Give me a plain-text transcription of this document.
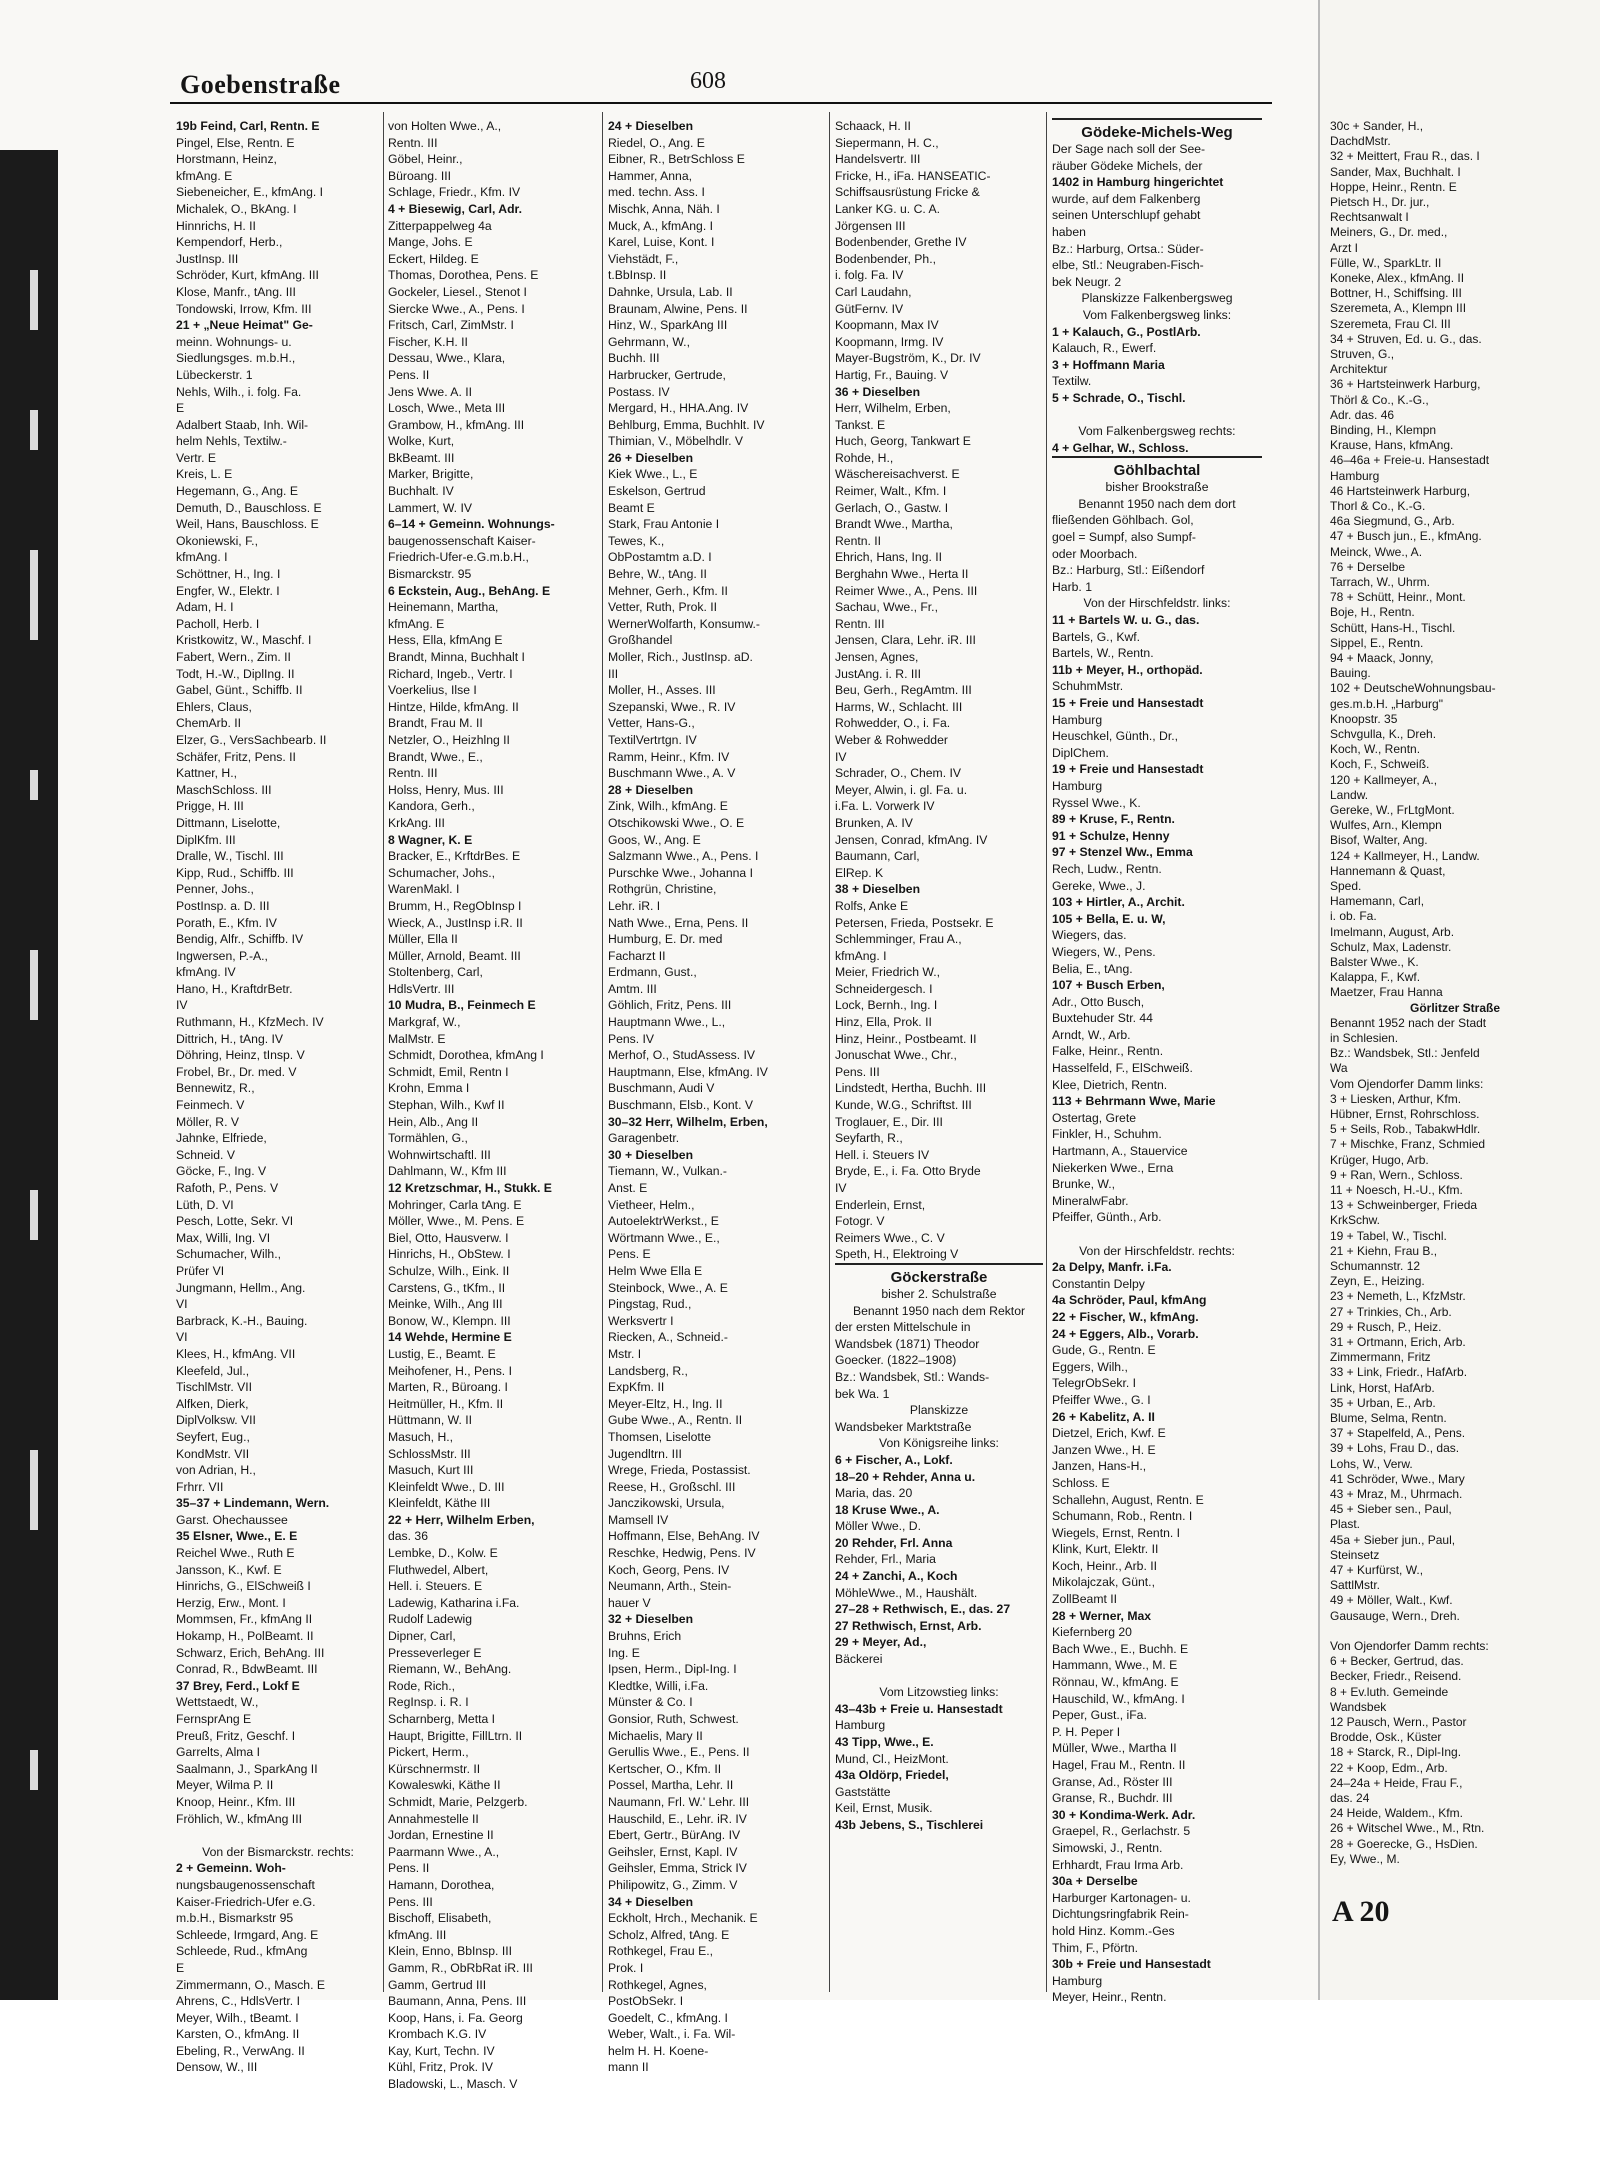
Goebenstraße	608
19b Feind, Carl, Rentn. E
Pingel, Else, Rentn. E
Horstmann, Heinz,
kfmAng. E
Siebeneicher, E., kfmAng. I
Michalek, O., BkAng. I
Hinnrichs, H. II
Kempendorf, Herb.,
JustInsp. III
Schröder, Kurt, kfmAng. III
Klose, Manfr., tAng. III
Tondowski, Irrow, Kfm. III
21 + „Neue Heimat" Ge-
meinn. Wohnungs- u.
Siedlungsges. m.b.H.,
Lübeckerstr. 1
Nehls, Wilh., i. folg. Fa.
E
Adalbert Staab, Inh. Wil-
helm Nehls, Textilw.-
Vertr. E
Kreis, L. E
Hegemann, G., Ang. E
Demuth, D., Bauschloss. E
Weil, Hans, Bauschloss. E
Okoniewski, F.,
kfmAng. I
Schöttner, H., Ing. I
Engfer, W., Elektr. I
Adam, H. I
Pacholl, Herb. I
Kristkowitz, W., Maschf. I
Fabert, Wern., Zim. II
Todt, H.-W., DiplIng. II
Gabel, Günt., Schiffb. II
Ehlers, Claus,
ChemArb. II
Elzer, G., VersSachbearb. II
Schäfer, Fritz, Pens. II
Kattner, H.,
MaschSchloss. III
Prigge, H. III
Dittmann, Liselotte,
DiplKfm. III
Dralle, W., Tischl. III
Kipp, Rud., Schiffb. III
Penner, Johs.,
PostInsp. a. D. III
Porath, E., Kfm. IV
Bendig, Alfr., Schiffb. IV
Ingwersen, P.-A.,
kfmAng. IV
Hano, H., KraftdrBetr.
IV
Ruthmann, H., KfzMech. IV
Dittrich, H., tAng. IV
Döhring, Heinz, tInsp. V
Frobel, Br., Dr. med. V
Bennewitz, R.,
Feinmech. V
Möller, R. V
Jahnke, Elfriede,
Schneid. V
Göcke, F., Ing. V
Rafoth, P., Pens. V
Lüth, D. VI
Pesch, Lotte, Sekr. VI
Max, Willi, Ing. VI
Schumacher, Wilh.,
Prüfer VI
Jungmann, Hellm., Ang.
VI
Barbrack, K.-H., Bauing.
VI
Klees, H., kfmAng. VII
Kleefeld, Jul.,
TischlMstr. VII
Alfken, Dierk,
DiplVolksw. VII
Seyfert, Eug.,
KondMstr. VII
von Adrian, H.,
Frhrr. VII
35–37 + Lindemann, Wern.
Garst. Ohechaussee
35 Elsner, Wwe., E. E
Reichel Wwe., Ruth E
Jansson, K., Kwf. E
Hinrichs, G., ElSchweiß I
Herzig, Erw., Mont. I
Mommsen, Fr., kfmAng II
Hokamp, H., PolBeamt. II
Schwarz, Erich, BehAng. III
Conrad, R., BdwBeamt. III
37 Brey, Ferd., Lokf E
Wettstaedt, W.,
FernsprAng E
Preuß, Fritz, Geschf. I
Garrelts, Alma I
Saalmann, J., SparkAng II
Meyer, Wilma P. II
Knoop, Heinr., Kfm. III
Fröhlich, W., kfmAng III
Von der Bismarckstr. rechts:
2 + Gemeinn. Woh-
nungsbaugenossenschaft
Kaiser-Friedrich-Ufer e.G.
m.b.H., Bismarkstr 95
Schleede, Irmgard, Ang. E
Schleede, Rud., kfmAng
E
Zimmermann, O., Masch. E
Ahrens, C., HdlsVertr. I
Meyer, Wilh., tBeamt. I
Karsten, O., kfmAng. II
Ebeling, R., VerwAng. II
Densow, W., III
von Holten Wwe., A.,
Rentn. III
Göbel, Heinr.,
Büroang. III
Schlage, Friedr., Kfm. IV
4 + Biesewig, Carl, Adr.
Zitterpappelweg 4a
Mange, Johs. E
Eckert, Hildeg. E
Thomas, Dorothea, Pens. E
Gockeler, Liesel., Stenot I
Siercke Wwe., A., Pens. I
Fritsch, Carl, ZimMstr. I
Fischer, K.H. II
Dessau, Wwe., Klara,
Pens. II
Jens Wwe. A. II
Losch, Wwe., Meta III
Grambow, H., kfmAng. III
Wolke, Kurt,
BkBeamt. III
Marker, Brigitte,
Buchhalt. IV
Lammert, W. IV
6–14 + Gemeinn. Wohnungs-
baugenossenschaft Kaiser-
Friedrich-Ufer-e.G.m.b.H.,
Bismarckstr. 95
6 Eckstein, Aug., BehAng. E
Heinemann, Martha,
kfmAng. E
Hess, Ella, kfmAng E
Brandt, Minna, Buchhalt I
Richard, Ingeb., Vertr. I
Voerkelius, Ilse I
Hintze, Hilde, kfmAng. II
Brandt, Frau M. II
Netzler, O., Heizhlng II
Brandt, Wwe., E.,
Rentn. III
Holss, Henry, Mus. III
Kandora, Gerh.,
KrkAng. III
8 Wagner, K. E
Bracker, E., KrftdrBes. E
Schumacher, Johs.,
WarenMakl. I
Brumm, H., RegObInsp I
Wieck, A., JustInsp i.R. II
Müller, Ella II
Müller, Arnold, Beamt. III
Stoltenberg, Carl,
HdlsVertr. III
10 Mudra, B., Feinmech E
Markgraf, W.,
MalMstr. E
Schmidt, Dorothea, kfmAng I
Schmidt, Emil, Rentn I
Krohn, Emma I
Stephan, Wilh., Kwf II
Hein, Alb., Ang II
Tormählen, G.,
Wohnwirtschaftl. III
Dahlmann, W., Kfm III
12 Kretzschmar, H., Stukk. E
Mohringer, Carla tAng. E
Möller, Wwe., M. Pens. E
Biel, Otto, Hausverw. I
Hinrichs, H., ObStew. I
Schulze, Wilh., Eink. II
Carstens, G., tKfm., II
Meinke, Wilh., Ang III
Bonow, W., Klempn. III
14 Wehde, Hermine E
Lustig, E., Beamt. E
Meihofener, H., Pens. I
Marten, R., Büroang. I
Heitmüller, H., Kfm. II
Hüttmann, W. II
Masuch, H.,
SchlossMstr. III
Masuch, Kurt III
Kleinfeldt Wwe., D. III
Kleinfeldt, Käthe III
22 + Herr, Wilhelm Erben,
das. 36
Lembke, D., Kolw. E
Fluthwedel, Albert,
Hell. i. Steuers. E
Ladewig, Katharina i.Fa.
Rudolf Ladewig
Dipner, Carl,
Presseverleger E
Riemann, W., BehAng.
Rode, Rich.,
RegInsp. i. R. I
Scharnberg, Metta I
Haupt, Brigitte, FillLtrn. II
Pickert, Herm.,
Kürschnermstr. II
Kowaleswki, Käthe II
Schmidt, Marie, Pelzgerb.
Annahmestelle II
Jordan, Ernestine II
Paarmann Wwe., A.,
Pens. II
Hamann, Dorothea,
Pens. III
Bischoff, Elisabeth,
kfmAng. III
Klein, Enno, BbInsp. III
Gamm, R., ObRbRat iR. III
Gamm, Gertrud III
Baumann, Anna, Pens. III
Koop, Hans, i. Fa. Georg
Krombach K.G. IV
Kay, Kurt, Techn. IV
Kühl, Fritz, Prok. IV
Bladowski, L., Masch. V
24 + Dieselben
Riedel, O., Ang. E
Eibner, R., BetrSchloss E
Hammer, Anna,
med. techn. Ass. I
Mischk, Anna, Näh. I
Muck, A., kfmAng. I
Karel, Luise, Kont. I
Viehstädt, F.,
t.BbInsp. II
Dahnke, Ursula, Lab. II
Braunam, Alwine, Pens. II
Hinz, W., SparkAng III
Gehrmann, W.,
Buchh. III
Harbrucker, Gertrude,
Postass. IV
Mergard, H., HHA.Ang. IV
Behlburg, Emma, Buchhlt. IV
Thimian, V., Möbelhdlr. V
26 + Dieselben
Kiek Wwe., L., E
Eskelson, Gertrud
Beamt E
Stark, Frau Antonie I
Tewes, K.,
ObPostamtm a.D. I
Behre, W., tAng. II
Mehner, Gerh., Kfm. II
Vetter, Ruth, Prok. II
WernerWolfarth, Konsumw.-
Großhandel
Moller, Rich., JustInsp. aD.
III
Moller, H., Asses. III
Szepanski, Wwe., R. IV
Vetter, Hans-G.,
TextilVertrtgn. IV
Ramm, Heinr., Kfm. IV
Buschmann Wwe., A. V
28 + Dieselben
Zink, Wilh., kfmAng. E
Otschikowski Wwe., O. E
Goos, W., Ang. E
Salzmann Wwe., A., Pens. I
Purschke Wwe., Johanna I
Rothgrün, Christine,
Lehr. iR. I
Nath Wwe., Erna, Pens. II
Humburg, E. Dr. med
Facharzt II
Erdmann, Gust.,
Amtm. III
Göhlich, Fritz, Pens. III
Hauptmann Wwe., L.,
Pens. IV
Merhof, O., StudAssess. IV
Hauptmann, Else, kfmAng. IV
Buschmann, Audi V
Buschmann, Elsb., Kont. V
30–32 Herr, Wilhelm, Erben,
Garagenbetr.
30 + Dieselben
Tiemann, W., Vulkan.-
Anst. E
Vietheer, Helm.,
AutoelektrWerkst., E
Wörtmann Wwe., E.,
Pens. E
Helm Wwe Ella E
Steinbock, Wwe., A. E
Pingstag, Rud.,
Werksvertr I
Riecken, A., Schneid.-
Mstr. I
Landsberg, R.,
ExpKfm. II
Meyer-Eltz, H., Ing. II
Gube Wwe., A., Rentn. II
Thomsen, Liselotte
Jugendltrn. III
Wrege, Frieda, Postassist.
Reese, H., Großschl. III
Janczikowski, Ursula,
Mamsell IV
Hoffmann, Else, BehAng. IV
Reschke, Hedwig, Pens. IV
Koch, Georg, Pens. IV
Neumann, Arth., Stein-
hauer V
32 + Dieselben
Bruhns, Erich
Ing. E
Ipsen, Herm., Dipl-Ing. I
Kledtke, Willi, i.Fa.
Münster & Co. I
Gonsior, Ruth, Schwest.
Michaelis, Mary II
Gerullis Wwe., E., Pens. II
Kertscher, O., Kfm. II
Possel, Martha, Lehr. II
Naumann, Frl. W.' Lehr. III
Hauschild, E., Lehr. iR. IV
Ebert, Gertr., BürAng. IV
Geihsler, Ernst, Kapl. IV
Geihsler, Emma, Strick IV
Philipowitz, G., Zimm. V
34 + Dieselben
Eckholt, Hrch., Mechanik. E
Scholz, Alfred, tAng. E
Rothkegel, Frau E.,
Prok. I
Rothkegel, Agnes,
PostObSekr. I
Goedelt, C., kfmAng. I
Weber, Walt., i. Fa. Wil-
helm H. H. Koene-
mann II
Schaack, H. II
Siepermann, H. C.,
Handelsvertr. III
Fricke, H., iFa. HANSEATIC-
Schiffsausrüstung Fricke &
Lanker KG. u. C. A.
Jörgensen III
Bodenbender, Grethe IV
Bodenbender, Ph.,
i. folg. Fa. IV
Carl Laudahn,
GütFernv. IV
Koopmann, Max IV
Koopmann, Irmg. IV
Mayer-Bugström, K., Dr. IV
Hartig, Fr., Bauing. V
36 + Dieselben
Herr, Wilhelm, Erben,
Tankst. E
Huch, Georg, Tankwart E
Rohde, H.,
Wäschereisachverst. E
Reimer, Walt., Kfm. I
Gerlach, O., Gastw. I
Brandt Wwe., Martha,
Rentn. II
Ehrich, Hans, Ing. II
Berghahn Wwe., Herta II
Reimer Wwe., A., Pens. III
Sachau, Wwe., Fr.,
Rentn. III
Jensen, Clara, Lehr. iR. III
Jensen, Agnes,
JustAng. i. R. III
Beu, Gerh., RegAmtm. III
Harms, W., Schlacht. III
Rohwedder, O., i. Fa.
Weber & Rohwedder
IV
Schrader, O., Chem. IV
Meyer, Alwin, i. gl. Fa. u.
i.Fa. L. Vorwerk IV
Brunken, A. IV
Jensen, Conrad, kfmAng. IV
Baumann, Carl,
ElRep. K
38 + Dieselben
Rolfs, Anke E
Petersen, Frieda, Postsekr. E
Schlemminger, Frau A.,
kfmAng. I
Meier, Friedrich W.,
Schneidergesch. I
Lock, Bernh., Ing. I
Hinz, Ella, Prok. II
Hinz, Heinr., Postbeamt. II
Jonuschat Wwe., Chr.,
Pens. III
Lindstedt, Hertha, Buchh. III
Kunde, W.G., Schriftst. III
Troglauer, E., Dir. III
Seyfarth, R.,
Hell. i. Steuers IV
Bryde, E., i. Fa. Otto Bryde
IV
Enderlein, Ernst,
Fotogr. V
Reimers Wwe., C. V
Speth, H., Elektroing V
Göckerstraße
bisher 2. Schulstraße
Benannt 1950 nach dem Rektor
der ersten Mittelschule in
Wandsbek (1871) Theodor
Goecker. (1822–1908)
Bz.: Wandsbek, Stl.: Wands-
bek Wa. 1
Planskizze
Wandsbeker Marktstraße
Von Königsreihe links:
6 + Fischer, A., Lokf.
18–20 + Rehder, Anna u.
Maria, das. 20
18 Kruse Wwe., A.
Möller Wwe., D.
20 Rehder, Frl. Anna
Rehder, Frl., Maria
24 + Zanchi, A., Koch
MöhleWwe., M., Haushält.
27–28 + Rethwisch, E., das. 27
27 Rethwisch, Ernst, Arb.
29 + Meyer, Ad.,
Bäckerei
Vom Litzowstieg links:
43–43b + Freie u. Hansestadt
Hamburg
43 Tipp, Wwe., E.
Mund, Cl., HeizMont.
43a Oldörp, Friedel,
Gaststätte
Keil, Ernst, Musik.
43b Jebens, S., Tischlerei
Gödeke-Michels-Weg
Der Sage nach soll der See-
räuber Gödeke Michels, der
1402 in Hamburg hingerichtet
wurde, auf dem Falkenberg
seinen Unterschlupf gehabt
haben
Bz.: Harburg, Ortsa.: Süder-
elbe, Stl.: Neugraben-Fisch-
bek Neugr. 2
Planskizze Falkenbergsweg
Vom Falkenbergsweg links:
1 + Kalauch, G., PostlArb.
Kalauch, R., Ewerf.
3 + Hoffmann Maria
Textilw.
5 + Schrade, O., Tischl.
Vom Falkenbergsweg rechts:
4 + Gelhar, W., Schloss.
Göhlbachtal
bisher Brookstraße
Benannt 1950 nach dem dort
fließenden Göhlbach. Gol,
goel = Sumpf, also Sumpf-
oder Moorbach.
Bz.: Harburg, Stl.: Eißendorf
Harb. 1
Von der Hirschfeldstr. links:
11 + Bartels W. u. G., das.
Bartels, G., Kwf.
Bartels, W., Rentn.
11b + Meyer, H., orthopäd.
SchuhmMstr.
15 + Freie und Hansestadt
Hamburg
Heuschkel, Günth., Dr.,
DiplChem.
19 + Freie und Hansestadt
Hamburg
Ryssel Wwe., K.
89 + Kruse, F., Rentn.
91 + Schulze, Henny
97 + Stenzel Ww., Emma
Rech, Ludw., Rentn.
Gereke, Wwe., J.
103 + Hirtler, A., Archit.
105 + Bella, E. u. W,
Wiegers, das.
Wiegers, W., Pens.
Belia, E., tAng.
107 + Busch Erben,
Adr., Otto Busch,
Buxtehuder Str. 44
Arndt, W., Arb.
Falke, Heinr., Rentn.
Hasselfeld, F., ElSchweiß.
Klee, Dietrich, Rentn.
113 + Behrmann Wwe, Marie
Ostertag, Grete
Finkler, H., Schuhm.
Hartmann, A., Stauervice
Niekerken Wwe., Erna
Brunke, W.,
MineralwFabr.
Pfeiffer, Günth., Arb.
Von der Hirschfeldstr. rechts:
2a Delpy, Manfr. i.Fa.
Constantin Delpy
4a Schröder, Paul, kfmAng
22 + Fischer, W., kfmAng.
24 + Eggers, Alb., Vorarb.
Gude, G., Rentn. E
Eggers, Wilh.,
TelegrObSekr. I
Pfeiffer Wwe., G. I
26 + Kabelitz, A. II
Dietzel, Erich, Kwf. E
Janzen Wwe., H. E
Janzen, Hans-H.,
Schloss. E
Schallehn, August, Rentn. E
Schumann, Rob., Rentn. I
Wiegels, Ernst, Rentn. I
Klink, Kurt, Elektr. II
Koch, Heinr., Arb. II
Mikolajczak, Günt.,
ZollBeamt II
28 + Werner, Max
Kiefernberg 20
Bach Wwe., E., Buchh. E
Hammann, Wwe., M. E
Rönnau, W., kfmAng. E
Hauschild, W., kfmAng. I
Peper, Gust., iFa.
P. H. Peper I
Müller, Wwe., Martha II
Hagel, Frau M., Rentn. II
Granse, Ad., Röster III
Granse, R., Buchdr. III
30 + Kondima-Werk. Adr.
Graepel, R., Gerlachstr. 5
Simowski, J., Rentn.
Erhhardt, Frau Irma Arb.
30a + Derselbe
Harburger Kartonagen- u.
Dichtungsringfabrik Rein-
hold Hinz. Komm.-Ges
Thim, F., Pförtn.
30b + Freie und Hansestadt
Hamburg
Meyer, Heinr., Rentn.
30c + Sander, H.,
DachdMstr.
32 + Meittert, Frau R., das. I
Sander, Max, Buchhalt. I
Hoppe, Heinr., Rentn. E
Pietsch H., Dr. jur.,
Rechtsanwalt I
Meiners, G., Dr. med.,
Arzt I
Fülle, W., SparkLtr. II
Koneke, Alex., kfmAng. II
Bottner, H., Schiffsing. III
Szeremeta, A., Klempn III
Szeremeta, Frau Cl. III
34 + Struven, Ed. u. G., das.
Struven, G.,
Architektur
36 + Hartsteinwerk Harburg,
Thörl & Co., K.-G.,
Adr. das. 46
Binding, H., Klempn
Krause, Hans, kfmAng.
46–46a + Freie-u. Hansestadt
Hamburg
46 Hartsteinwerk Harburg,
Thorl & Co., K.-G.
46a Siegmund, G., Arb.
47 + Busch jun., E., kfmAng.
Meinck, Wwe., A.
76 + Derselbe
Tarrach, W., Uhrm.
78 + Schütt, Heinr., Mont.
Boje, H., Rentn.
Schütt, Hans-H., Tischl.
Sippel, E., Rentn.
94 + Maack, Jonny,
Bauing.
102 + DeutscheWohnungsbau-
ges.m.b.H. „Harburg"
Knoopstr. 35
Schvgulla, K., Dreh.
Koch, W., Rentn.
Koch, F., Schweiß.
120 + Kallmeyer, A.,
Landw.
Gereke, W., FrLtgMont.
Wulfes, Arn., Klempn
Bisof, Walter, Ang.
124 + Kallmeyer, H., Landw.
Hannemann & Quast,
Sped.
Hamemann, Carl,
i. ob. Fa.
Imelmann, August, Arb.
Schulz, Max, Ladenstr.
Balster Wwe., K.
Kalappa, F., Kwf.
Maetzer, Frau Hanna
Görlitzer Straße
Benannt 1952 nach der Stadt
in Schlesien.
Bz.: Wandsbek, Stl.: Jenfeld
Wa
Vom Ojendorfer Damm links:
3 + Liesken, Arthur, Kfm.
Hübner, Ernst, Rohrschloss.
5 + Seils, Rob., TabakwHdlr.
7 + Mischke, Franz, Schmied
Krüger, Hugo, Arb.
9 + Ran, Wern., Schloss.
11 + Noesch, H.-U., Kfm.
13 + Schweinberger, Frieda
KrkSchw.
19 + Tabel, W., Tischl.
21 + Kiehn, Frau B.,
Schumannstr. 12
Zeyn, E., Heizing.
23 + Nemeth, L., KfzMstr.
27 + Trinkies, Ch., Arb.
29 + Rusch, P., Heiz.
31 + Ortmann, Erich, Arb.
Zimmermann, Fritz
33 + Link, Friedr., HafArb.
Link, Horst, HafArb.
35 + Urban, E., Arb.
Blume, Selma, Rentn.
37 + Stapelfeld, A., Pens.
39 + Lohs, Frau D., das.
Lohs, W., Verw.
41 Schröder, Wwe., Mary
43 + Mraz, M., Uhrmach.
45 + Sieber sen., Paul,
Plast.
45a + Sieber jun., Paul,
Steinsetz
47 + Kurfürst, W.,
SattlMstr.
49 + Möller, Walt., Kwf.
Gausauge, Wern., Dreh.
Von Ojendorfer Damm rechts:
6 + Becker, Gertrud, das.
Becker, Friedr., Reisend.
8 + Ev.luth. Gemeinde
Wandsbek
12 Pausch, Wern., Pastor
Brodde, Osk., Küster
18 + Starck, R., Dipl-Ing.
22 + Koop, Edm., Arb.
24–24a + Heide, Frau F.,
das. 24
24 Heide, Waldem., Kfm.
26 + Witschel Wwe., M., Rtn.
28 + Goerecke, G., HsDien.
Ey, Wwe., M.
A 20
